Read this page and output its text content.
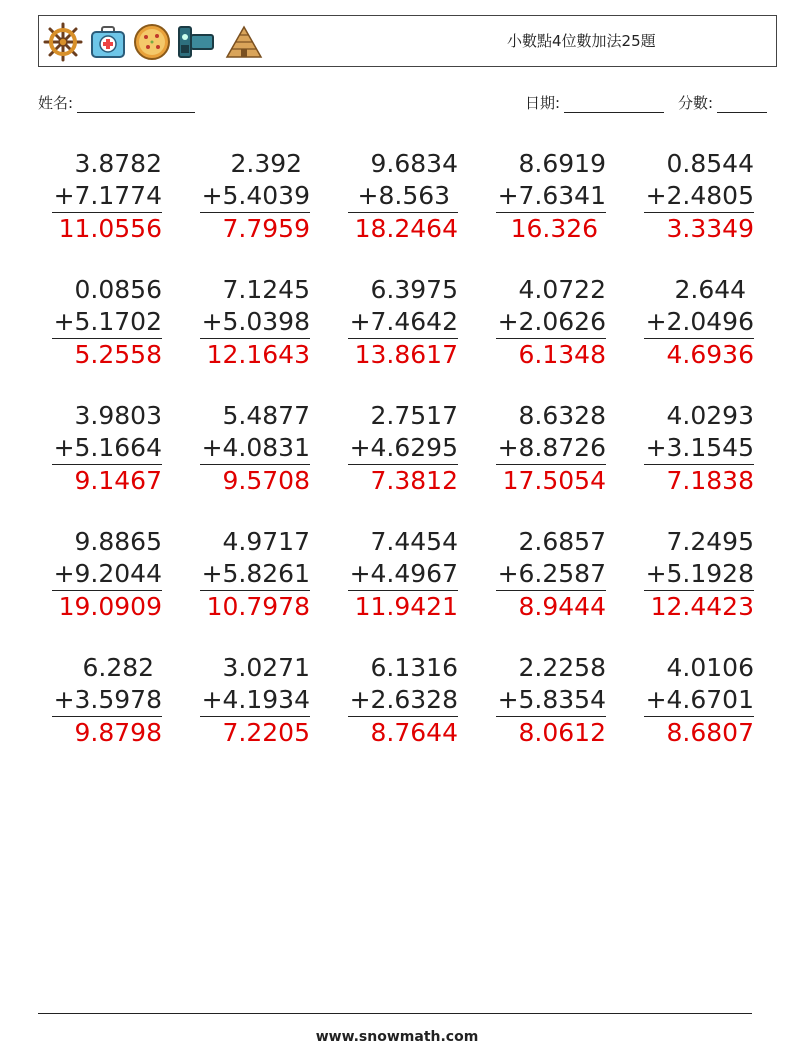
小數點4位數加法25題
姓名:	日期:	分數:
3.8782
+7.1774
11.0556
2.392
+5.4039
7.7959
9.6834
+8.563
18.2464
8.6919
+7.6341
16.326
0.8544
+2.4805
3.3349
0.0856
+5.1702
5.2558
7.1245
+5.0398
12.1643
6.3975
+7.4642
13.8617
4.0722
+2.0626
6.1348
2.644
+2.0496
4.6936
3.9803
+5.1664
9.1467
5.4877
+4.0831
9.5708
2.7517
+4.6295
7.3812
8.6328
+8.8726
17.5054
4.0293
+3.1545
7.1838
9.8865
+9.2044
19.0909
4.9717
+5.8261
10.7978
7.4454
+4.4967
11.9421
2.6857
+6.2587
8.9444
7.2495
+5.1928
12.4423
6.282
+3.5978
9.8798
3.0271
+4.1934
7.2205
6.1316
+2.6328
8.7644
2.2258
+5.8354
8.0612
4.0106
+4.6701
8.6807
www.snowmath.com
